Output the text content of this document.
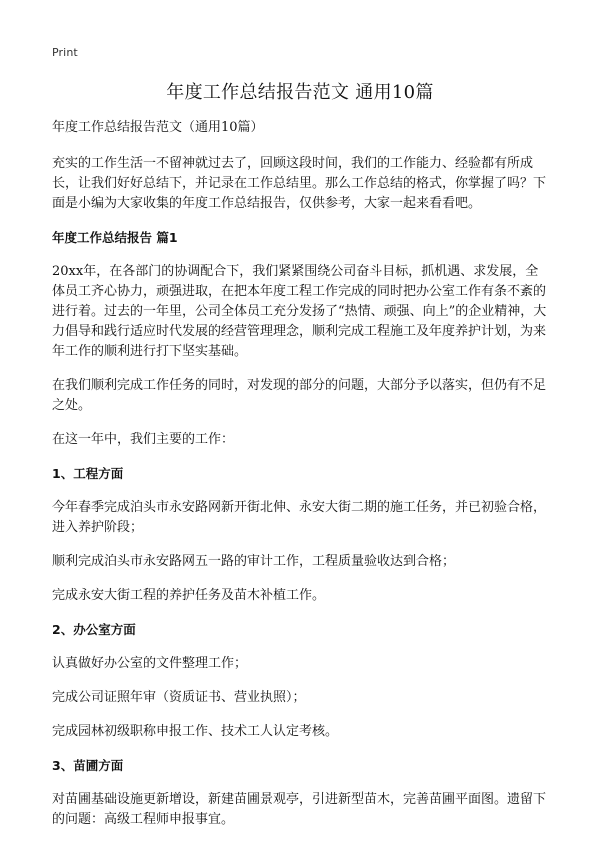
Print
年度工作总结报告范文 通用10篇

年度工作总结报告范文（通用10篇）

充实的工作生活一不留神就过去了，回顾这段时间，我们的工作能力、经验都有所成长，让我们好好总结下，并记录在工作总结里。那么工作总结的格式，你掌握了吗？下面是小编为大家收集的年度工作总结报告，仅供参考，大家一起来看看吧。

年度工作总结报告 篇1

20xx年，在各部门的协调配合下，我们紧紧围绕公司奋斗目标，抓机遇、求发展，全体员工齐心协力，顽强进取，在把本年度工程工作完成的同时把办公室工作有条不紊的进行着。过去的一年里，公司全体员工充分发扬了“热情、顽强、向上”的企业精神，大力倡导和践行适应时代发展的经营管理理念，顺利完成工程施工及年度养护计划，为来年工作的顺利进行打下坚实基础。

在我们顺利完成工作任务的同时，对发现的部分的问题，大部分予以落实，但仍有不足之处。

在这一年中，我们主要的工作：

1、工程方面

今年春季完成泊头市永安路网新开街北伸、永安大街二期的施工任务，并已初验合格， 进入养护阶段；

顺利完成泊头市永安路网五一路的审计工作，工程质量验收达到合格；

完成永安大街工程的养护任务及苗木补植工作。

2、办公室方面

认真做好办公室的文件整理工作；

完成公司证照年审（资质证书、营业执照）；

完成园林初级职称申报工作、技术工人认定考核。

3、苗圃方面

对苗圃基础设施更新增设，新建苗圃景观亭，引进新型苗木，完善苗圃平面图。遗留下的问题：高级工程师申报事宜。
